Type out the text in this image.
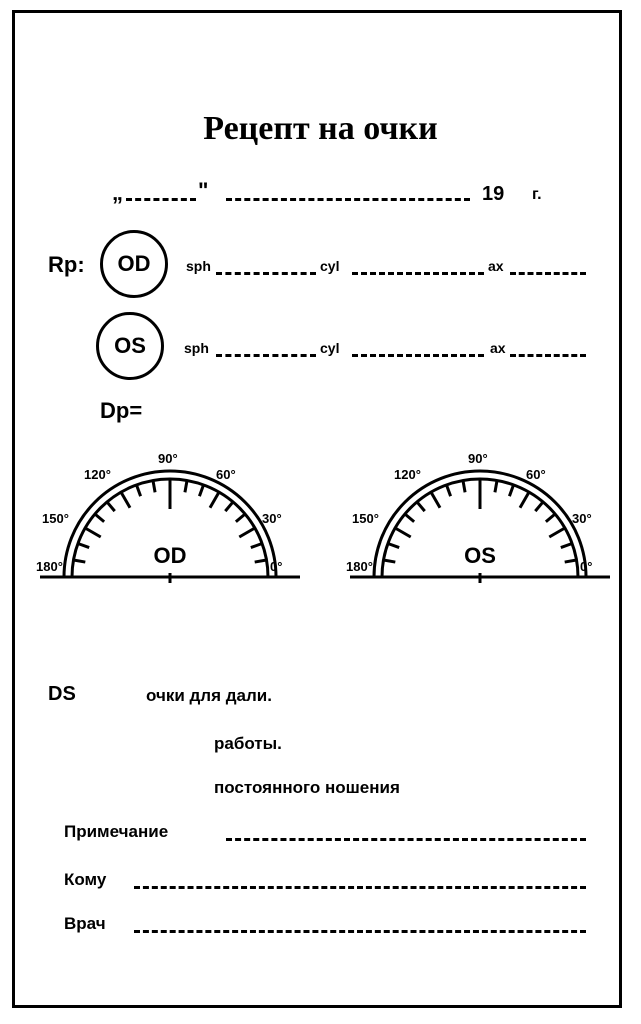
Рецепт на очки
„	"	19 г.
Rp: OD	sph	cyl	ax
OS	sph	cyl	ax
Dp=
180°
150°
120°
90°
60°
30°
0°
OD	180°
150°
120°
90°
60°
30°
0°
OS
DS	очки для дали.
работы.
постоянного ношения
Примечание
Кому
Врач
